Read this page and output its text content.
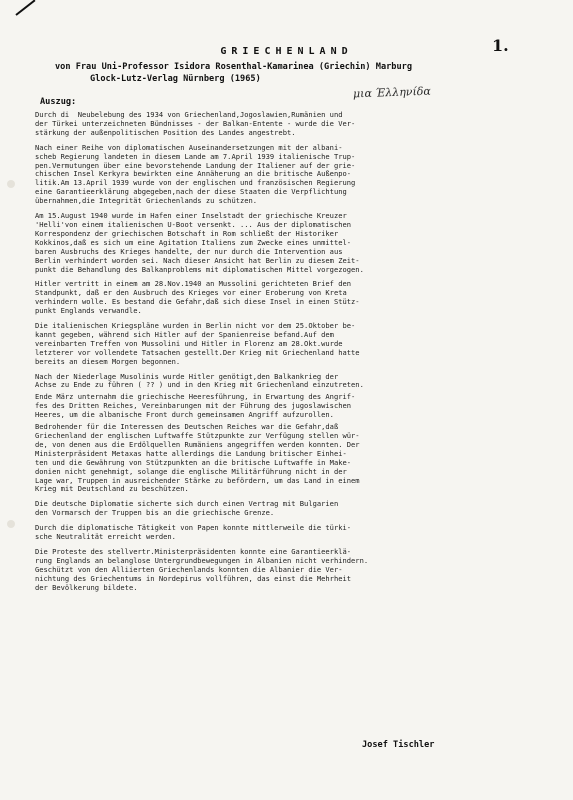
1.
GRIECHENLAND
von Frau Uni-Professor Isidora Rosenthal-Kamarinea (Griechin) Marburg
Glock-Lutz-Verlag Nürnberg (1965)
μια Έλληνίδα
Auszug:

Durch di  Neubelebung des 1934 von Griechenland,Jogoslawien,Rumänien und
der Türkei unterzeichneten Bündnisses - der Balkan-Entente - wurde die Ver-
stärkung der außenpolitischen Position des Landes angestrebt.

Nach einer Reihe von diplomatischen Auseinandersetzungen mit der albani-
scheb Regierung landeten in diesem Lande am 7.April 1939 italienische Trup-
pen.Vermutungen über eine bevorstehende Landung der Italiener auf der grie-
chischen Insel Kerkyra bewirkten eine Annäherung an die britische Außenpo-
litik.Am 13.April 1939 wurde von der englischen und französischen Regierung
eine Garantieerklärung abgegeben,nach der diese Staaten die Verpflichtung
übernahmen,die Integrität Griechenlands zu schützen.

Am 15.August 1940 wurde im Hafen einer Inselstadt der griechische Kreuzer
'Helli'von einem italienischen U-Boot versenkt. ... Aus der diplomatischen
Korrespondenz der griechischen Botschaft in Rom schließt der Historiker
Kokkinos,daß es sich um eine Agitation Italiens zum Zwecke eines unmittel-
baren Ausbruchs des Krieges handelte, der nur durch die Intervention aus
Berlin verhindert worden sei. Nach dieser Ansicht hat Berlin zu diesem Zeit-
punkt die Behandlung des Balkanproblems mit diplomatischen Mittel vorgezogen.

Hitler vertritt in einem am 28.Nov.1940 an Mussolini gerichteten Brief den
Standpunkt, daß er den Ausbruch des Krieges vor einer Eroberung von Kreta
verhindern wolle. Es bestand die Gefahr,daß sich diese Insel in einen Stütz-
punkt Englands verwandle.

Die italienischen Kriegspläne wurden in Berlin nicht vor dem 25.Oktober be-
kannt gegeben, während sich Hitler auf der Spanienreise befand.Auf dem
vereinbarten Treffen von Mussolini und Hitler in Florenz am 28.Okt.wurde
letzterer vor vollendete Tatsachen gestellt.Der Krieg mit Griechenland hatte
bereits an diesem Morgen begonnen.

Nach der Niederlage Musolinis wurde Hitler genötigt,den Balkankrieg der
Achse zu Ende zu führen ( ?? ) und in den Krieg mit Griechenland einzutreten.

Ende März unternahm die griechische Heeresführung, in Erwartung des Angrif-
fes des Dritten Reiches, Vereinbarungen mit der Führung des jugoslawischen
Heeres, um die albanische Front durch gemeinsamen Angriff aufzurollen.

Bedrohender für die Interessen des Deutschen Reiches war die Gefahr,daß
Griechenland der englischen Luftwaffe Stützpunkte zur Verfügung stellen wür-
de, von denen aus die Erdölquellen Rumäniens angegriffen werden konnten. Der
Ministerpräsident Metaxas hatte allerdings die Landung britischer Einhei-
ten und die Gewährung von Stützpunkten an die britische Luftwaffe in Make-
donien nicht genehmigt, solange die englische Militärführung nicht in der
Lage war, Truppen in ausreichender Stärke zu befördern, um das Land in einem
Krieg mit Deutschland zu beschützen.

Die deutsche Diplomatie sicherte sich durch einen Vertrag mit Bulgarien
den Vormarsch der Truppen bis an die griechische Grenze.

Durch die diplomatische Tätigkeit von Papen konnte mittlerweile die türki-
sche Neutralität erreicht werden.

Die Proteste des stellvertr.Ministerpräsidenten konnte eine Garantieerklä-
rung Englands an belanglose Untergrundbewegungen in Albanien nicht verhindern.
Geschützt von den Alliierten Griechenlands konnten die Albanier die Ver-
nichtung des Griechentums in Nordepirus vollführen, das einst die Mehrheit
der Bevölkerung bildete.

Josef Tischler
